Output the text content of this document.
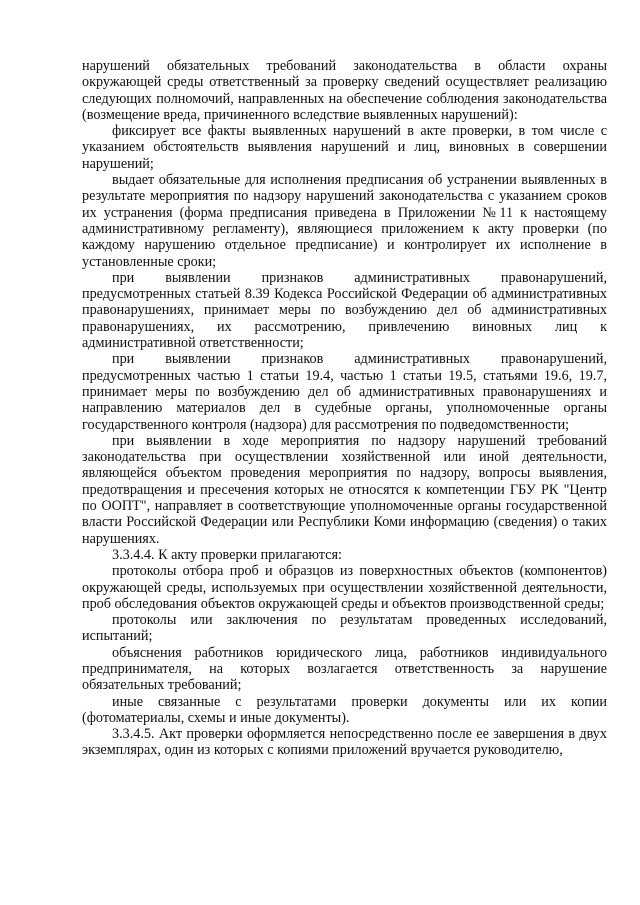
нарушений обязательных требований законодательства в области охраны окружающей среды ответственный за проверку сведений осуществляет реализацию следующих полномочий, направленных на обеспечение соблюдения законодательства (возмещение вреда, причиненного вследствие выявленных нарушений):

фиксирует все факты выявленных нарушений в акте проверки, в том числе с указанием обстоятельств выявления нарушений и лиц, виновных в совершении нарушений;

выдает обязательные для исполнения предписания об устранении выявленных в результате мероприятия по надзору нарушений законодательства с указанием сроков их устранения (форма предписания приведена в Приложении №11 к настоящему административному регламенту), являющиеся приложением к акту проверки (по каждому нарушению отдельное предписание) и контролирует их исполнение в установленные сроки;

при выявлении признаков административных правонарушений, предусмотренных статьей 8.39 Кодекса Российской Федерации об административных правонарушениях, принимает меры по возбуждению дел об административных правонарушениях, их рассмотрению, привлечению виновных лиц к административной ответственности;

при выявлении признаков административных правонарушений, предусмотренных частью 1 статьи 19.4, частью 1 статьи 19.5, статьями 19.6, 19.7, принимает меры по возбуждению дел об административных правонарушениях и направлению материалов дел в судебные органы, уполномоченные органы государственного контроля (надзора) для рассмотрения по подведомственности;

при выявлении в ходе мероприятия по надзору нарушений требований законодательства при осуществлении хозяйственной или иной деятельности, являющейся объектом проведения мероприятия по надзору, вопросы выявления, предотвращения и пресечения которых не относятся к компетенции ГБУ РК "Центр по ООПТ", направляет в соответствующие уполномоченные органы государственной власти Российской Федерации или Республики Коми информацию (сведения) о таких нарушениях.

3.3.4.4. К акту проверки прилагаются:

протоколы отбора проб и образцов из поверхностных объектов (компонентов) окружающей среды, используемых при осуществлении хозяйственной деятельности, проб обследования объектов окружающей среды и объектов производственной среды;

протоколы или заключения по результатам проведенных исследований, испытаний;

объяснения работников юридического лица, работников индивидуального предпринимателя, на которых возлагается ответственность за нарушение обязательных требований;

иные связанные с результатами проверки документы или их копии (фотоматериалы, схемы и иные документы).

3.3.4.5. Акт проверки оформляется непосредственно после ее завершения в двух экземплярах, один из которых с копиями приложений вручается руководителю,
